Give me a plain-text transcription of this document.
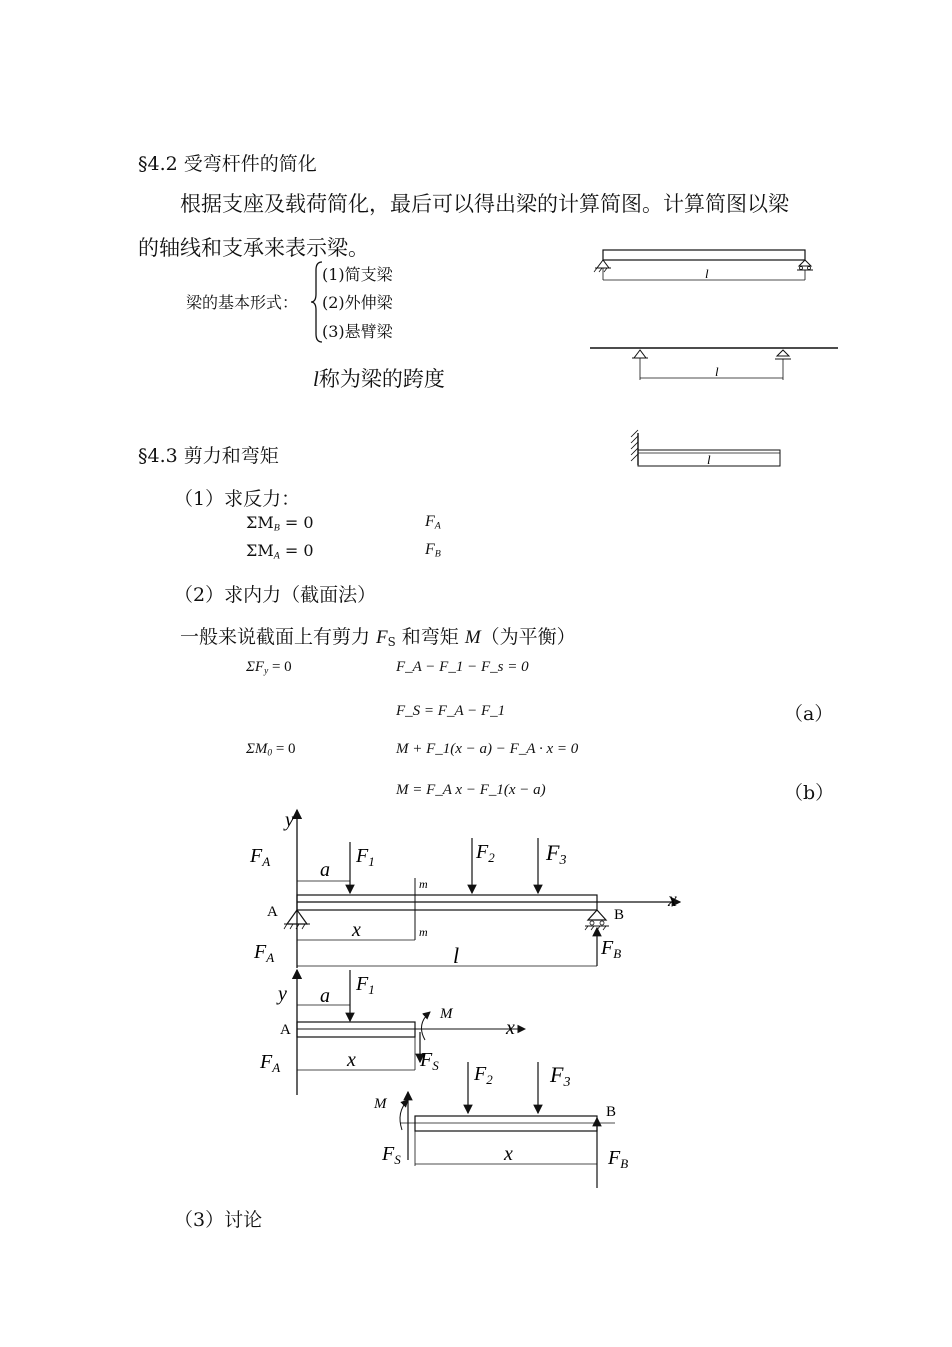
§4.2 受弯杆件的简化
根据支座及载荷简化，最后可以得出梁的计算简图。计算简图以梁
的轴线和支承来表示梁。
梁的基本形式：
(1)简支梁
(2)外伸梁
(3)悬臂梁
l称为梁的跨度
l
l
l
§4.3 剪力和弯矩
（1）求反力：
$\Sigma M_B = 0$	$F_A$
$\Sigma M_A = 0$	$F_B$
（2）求内力（截面法）
一般来说截面上有剪力 $F_S$ 和弯矩 M（为平衡）
$\Sigma F_y = 0$	F_A − F_1 − F_s = 0
F_S = F_A − F_1	（a）
$\Sigma M_0 = 0$	M + F_1(x − a) − F_A · x = 0
M = F_A x − F_1(x − a)	（b）
y
$F_A$ a
$F_1$	$F_2$ F3
x
m
m
A	B
$F_B$
$F_A$
x
l
y a
$F_1$
x
A
M
$F_S$
$F_A$	x
$F_2$	F3
B
M
$F_S$	$F_B$
x
（3）讨论
